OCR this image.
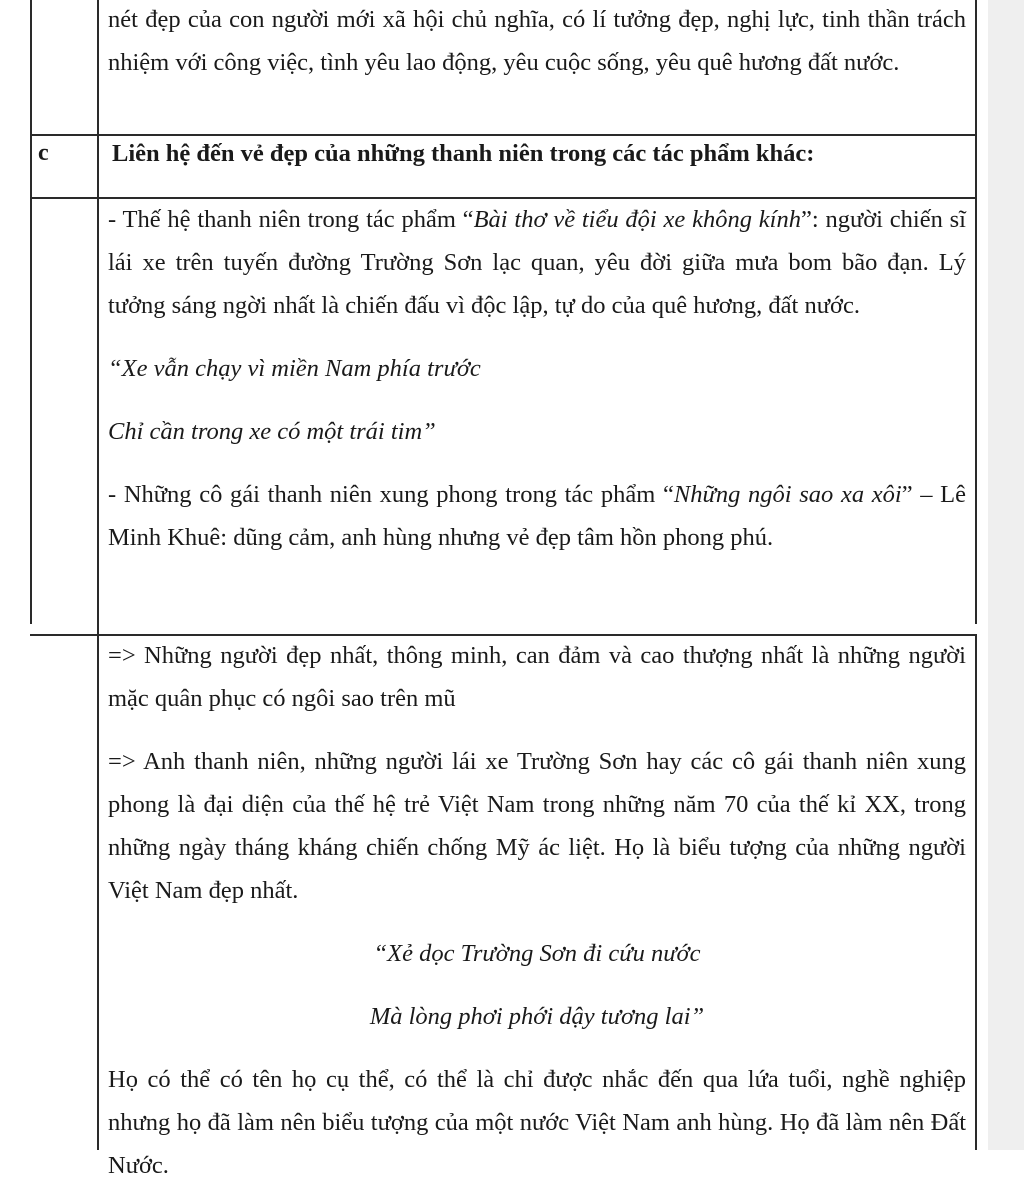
nét đẹp của con người mới xã hội chủ nghĩa, có lí tưởng đẹp, nghị lực, tinh thần trách nhiệm với công việc, tình yêu lao động, yêu cuộc sống, yêu quê hương đất nước.

c	Liên hệ đến vẻ đẹp của những thanh niên trong các tác phẩm khác:

- Thế hệ thanh niên trong tác phẩm “Bài thơ về tiểu đội xe không kính”: người chiến sĩ lái xe trên tuyến đường Trường Sơn lạc quan, yêu đời giữa mưa bom bão đạn. Lý tưởng sáng ngời nhất là chiến đấu vì độc lập, tự do của quê hương, đất nước.

“Xe vẫn chạy vì miền Nam phía trước

Chỉ cần trong xe có một trái tim”

- Những cô gái thanh niên xung phong trong tác phẩm “Những ngôi sao xa xôi” – Lê Minh Khuê: dũng cảm, anh hùng nhưng vẻ đẹp tâm hồn phong phú.

=> Những người đẹp nhất, thông minh, can đảm và cao thượng nhất là những người mặc quân phục có ngôi sao trên mũ

=> Anh thanh niên, những người lái xe Trường Sơn hay các cô gái thanh niên xung phong là đại diện của thế hệ trẻ Việt Nam trong những năm 70 của thế kỉ XX, trong những ngày tháng kháng chiến chống Mỹ ác liệt. Họ là biểu tượng của những người Việt Nam đẹp nhất.

“Xẻ dọc Trường Sơn đi cứu nước

Mà lòng phơi phới dậy tương lai”

Họ có thể có tên họ cụ thể, có thể là chỉ được nhắc đến qua lứa tuổi, nghề nghiệp nhưng họ đã làm nên biểu tượng của một nước Việt Nam anh hùng. Họ đã làm nên Đất Nước.
